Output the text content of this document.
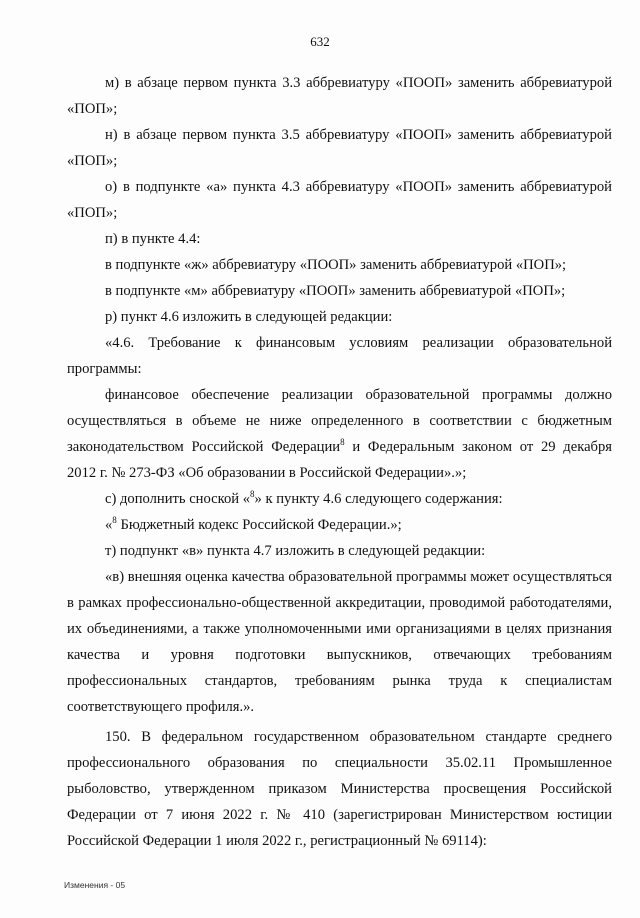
632

м) в абзаце первом пункта 3.3 аббревиатуру «ПООП» заменить аббревиатурой «ПОП»;

н) в абзаце первом пункта 3.5 аббревиатуру «ПООП» заменить аббревиатурой «ПОП»;

о) в подпункте «а» пункта 4.3 аббревиатуру «ПООП» заменить аббревиатурой «ПОП»;

п) в пункте 4.4:

в подпункте «ж» аббревиатуру «ПООП» заменить аббревиатурой «ПОП»;

в подпункте «м» аббревиатуру «ПООП» заменить аббревиатурой «ПОП»;

р) пункт 4.6 изложить в следующей редакции:

«4.6. Требование к финансовым условиям реализации образовательной программы:

финансовое обеспечение реализации образовательной программы должно осуществляться в объеме не ниже определенного в соответствии с бюджетным законодательством Российской Федерации$^8$ и Федеральным законом от 29 декабря 2012 г. № 273-ФЗ «Об образовании в Российской Федерации».»;

с) дополнить сноской «$^8$» к пункту 4.6 следующего содержания:

«$^8$ Бюджетный кодекс Российской Федерации.»;

т) подпункт «в» пункта 4.7 изложить в следующей редакции:

«в) внешняя оценка качества образовательной программы может осуществляться в рамках профессионально-общественной аккредитации, проводимой работодателями, их объединениями, а также уполномоченными ими организациями в целях признания качества и уровня подготовки выпускников, отвечающих требованиям профессиональных стандартов, требованиям рынка труда к специалистам соответствующего профиля.».

150. В федеральном государственном образовательном стандарте среднего профессионального образования по специальности 35.02.11 Промышленное рыболовство, утвержденном приказом Министерства просвещения Российской Федерации от 7 июня 2022 г. № 410 (зарегистрирован Министерством юстиции Российской Федерации 1 июля 2022 г., регистрационный № 69114):

Изменения - 05
